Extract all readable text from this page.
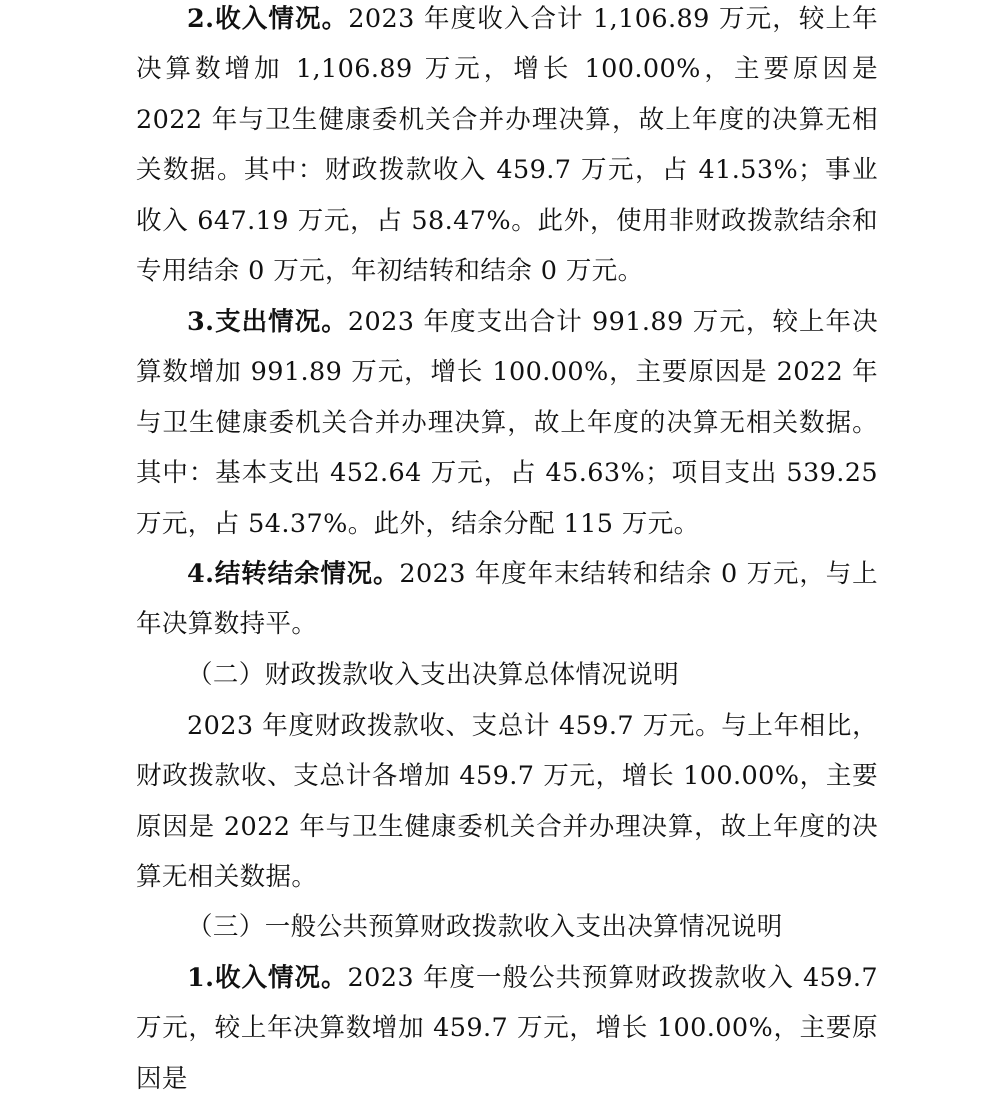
2.收入情况。2023 年度收入合计 1,106.89 万元，较上年决算数增加 1,106.89 万元，增长 100.00%，主要原因是 2022 年与卫生健康委机关合并办理决算，故上年度的决算无相关数据。其中：财政拨款收入 459.7 万元，占 41.53%；事业收入 647.19 万元，占 58.47%。此外，使用非财政拨款结余和专用结余 0 万元，年初结转和结余 0 万元。

3.支出情况。2023 年度支出合计 991.89 万元，较上年决算数增加 991.89 万元，增长 100.00%，主要原因是 2022 年与卫生健康委机关合并办理决算，故上年度的决算无相关数据。其中：基本支出 452.64 万元，占 45.63%；项目支出 539.25 万元，占 54.37%。此外，结余分配 115 万元。

4.结转结余情况。2023 年度年末结转和结余 0 万元，与上年决算数持平。

（二）财政拨款收入支出决算总体情况说明

2023 年度财政拨款收、支总计 459.7 万元。与上年相比，财政拨款收、支总计各增加 459.7 万元，增长 100.00%，主要原因是 2022 年与卫生健康委机关合并办理决算，故上年度的决算无相关数据。

（三）一般公共预算财政拨款收入支出决算情况说明

1.收入情况。2023 年度一般公共预算财政拨款收入 459.7 万元，较上年决算数增加 459.7 万元，增长 100.00%，主要原因是
